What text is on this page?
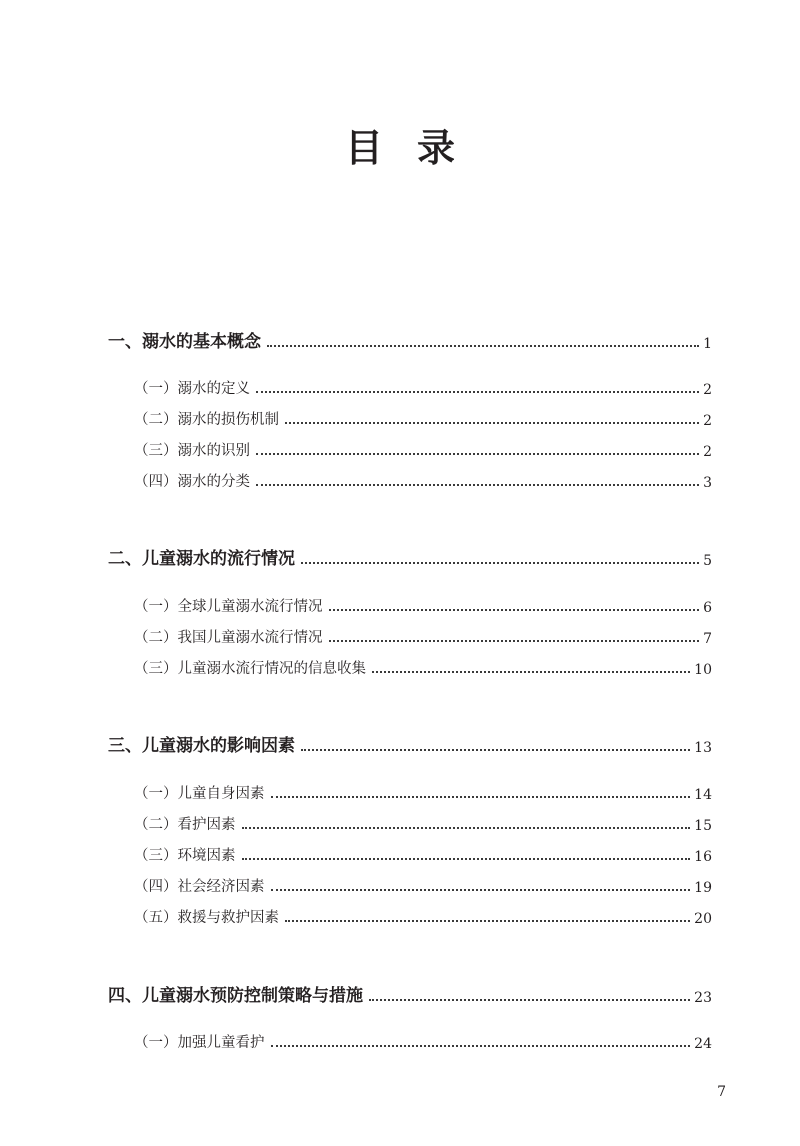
目录
一、溺水的基本概念	1
（一）溺水的定义	2
（二）溺水的损伤机制	2
（三）溺水的识别	2
（四）溺水的分类	3
二、儿童溺水的流行情况	5
（一）全球儿童溺水流行情况	6
（二）我国儿童溺水流行情况	7
（三）儿童溺水流行情况的信息收集	10
三、儿童溺水的影响因素	13
（一）儿童自身因素	14
（二）看护因素	15
（三）环境因素	16
（四）社会经济因素	19
（五）救援与救护因素	20
四、儿童溺水预防控制策略与措施	23
（一）加强儿童看护	24
7
